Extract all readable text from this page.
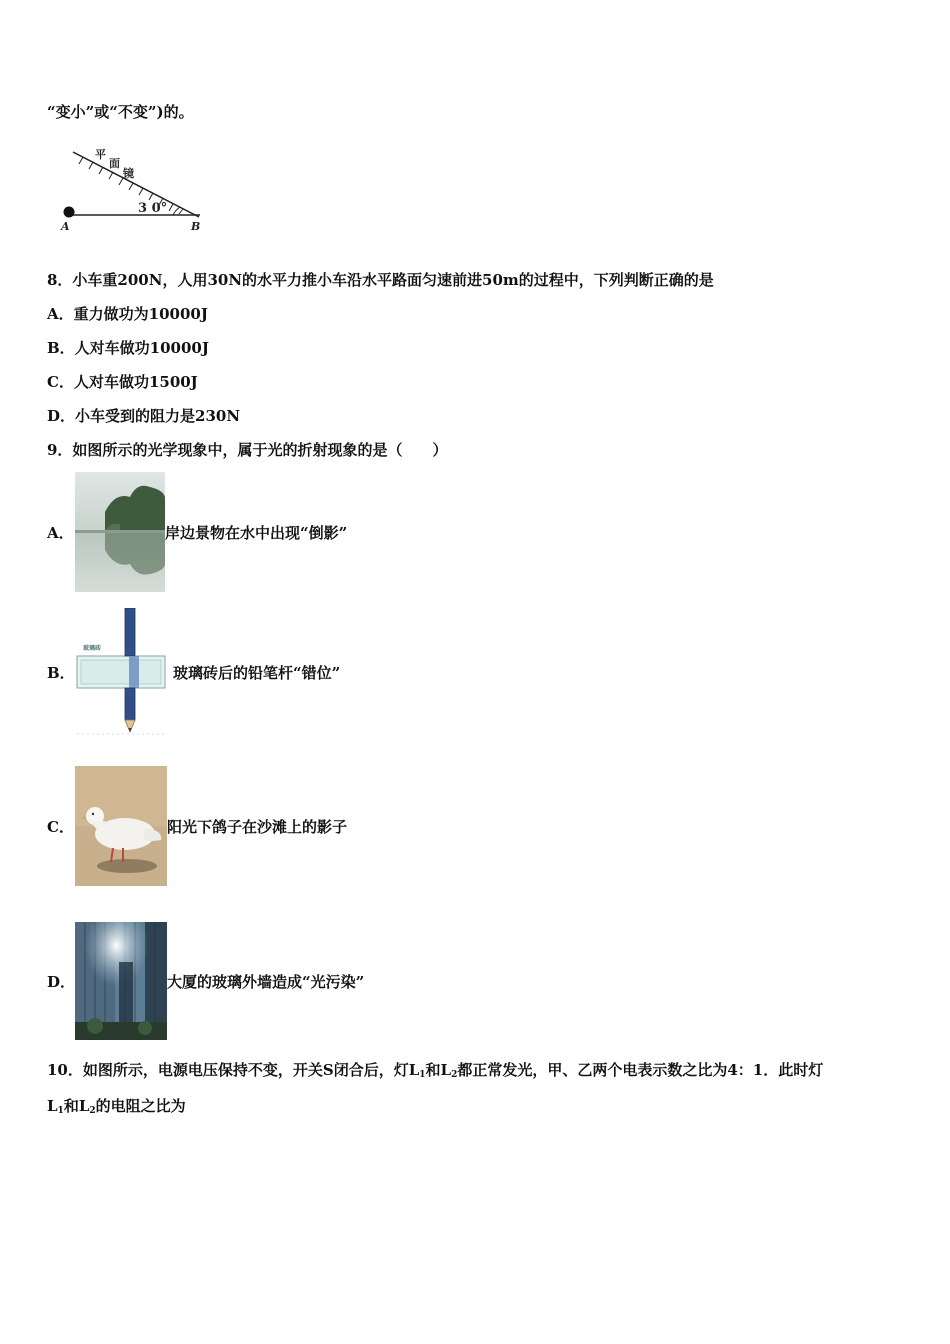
“变小”或“不变”)的。
平
面
镜
3 0°
A	B
8．小车重200N，人用30N的水平力推小车沿水平路面匀速前进50m的过程中，下列判断正确的是
A．重力做功为10000J
B．人对车做功10000J
C．人对车做功1500J
D．小车受到的阻力是230N
9．如图所示的光学现象中，属于光的折射现象的是（　　）
A．	岸边景物在水中出现“倒影”
B．
玻璃砖
玻璃砖后的铅笔杆“错位”
C．	阳光下鸽子在沙滩上的影子
D．	大厦的玻璃外墙造成“光污染”
10．如图所示，电源电压保持不变，开关S闭合后，灯$L_1$和$L_2$都正常发光，甲、乙两个电表示数之比为4：1．此时灯
$L_1$和$L_2$的电阻之比为
